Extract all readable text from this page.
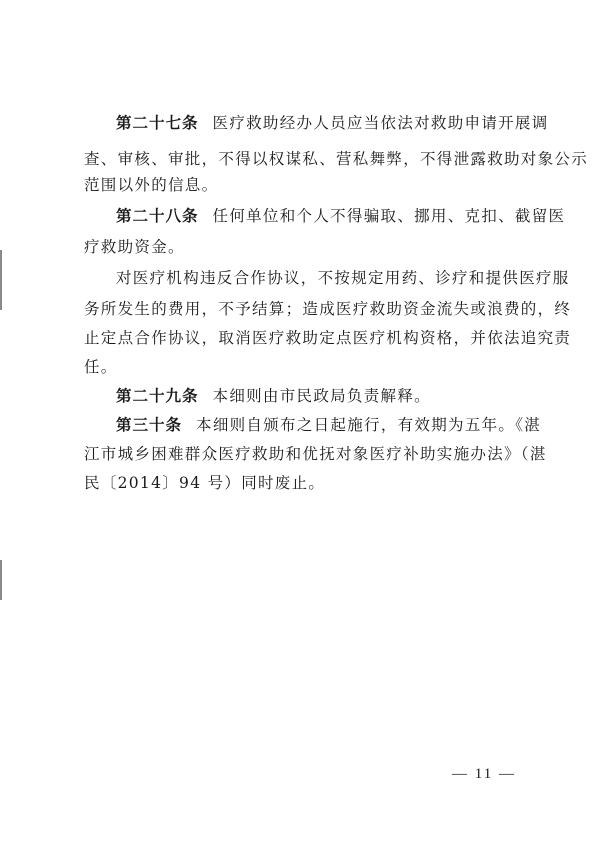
第二十七条 医疗救助经办人员应当依法对救助申请开展调
查、审核、审批，不得以权谋私、营私舞弊，不得泄露救助对象公示
范围以外的信息。
第二十八条 任何单位和个人不得骗取、挪用、克扣、截留医
疗救助资金。
对医疗机构违反合作协议，不按规定用药、诊疗和提供医疗服
务所发生的费用，不予结算；造成医疗救助资金流失或浪费的，终
止定点合作协议，取消医疗救助定点医疗机构资格，并依法追究责
任。
第二十九条 本细则由市民政局负责解释。
第三十条 本细则自颁布之日起施行，有效期为五年。《湛
江市城乡困难群众医疗救助和优抚对象医疗补助实施办法》（湛
民〔2014〕94 号）同时废止。
— 11 —
